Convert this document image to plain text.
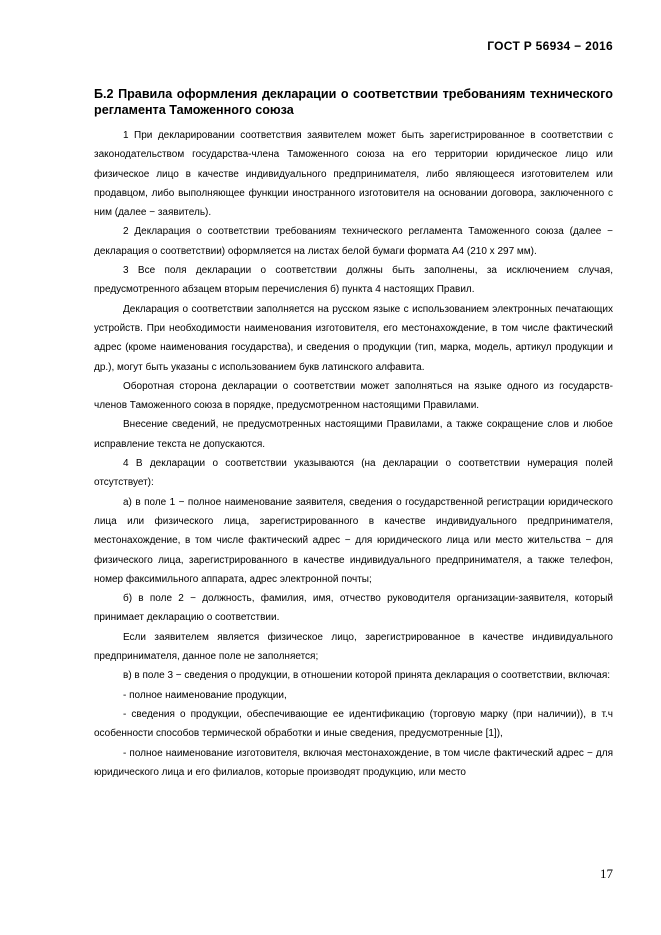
ГОСТ Р 56934 − 2016
Б.2 Правила оформления декларации о соответствии требованиям технического регламента Таможенного союза

1 При декларировании соответствия заявителем может быть зарегистрированное в соответствии с законодательством государства-члена Таможенного союза на его территории юридическое лицо или физическое лицо в качестве индивидуального предпринимателя, либо являющееся изготовителем или продавцом, либо выполняющее функции иностранного изготовителя на основании договора, заключенного с ним (далее − заявитель).

2 Декларация о соответствии требованиям технического регламента Таможенного союза (далее − декларация о соответствии) оформляется на листах белой бумаги формата А4 (210 х 297 мм).

3 Все поля декларации о соответствии должны быть заполнены, за исключением случая, предусмотренного абзацем вторым перечисления б) пункта 4 настоящих Правил.

Декларация о соответствии заполняется на русском языке с использованием электронных печатающих устройств. При необходимости наименования изготовителя, его местонахождение, в том числе фактический адрес (кроме наименования государства), и сведения о продукции (тип, марка, модель, артикул продукции и др.), могут быть указаны с использованием букв латинского алфавита.

Оборотная сторона декларации о соответствии может заполняться на языке одного из государств-членов Таможенного союза в порядке, предусмотренном настоящими Правилами.

Внесение сведений, не предусмотренных настоящими Правилами, а также сокращение слов и любое исправление текста не допускаются.

4 В декларации о соответствии указываются (на декларации о соответствии нумерация полей отсутствует):

а) в поле 1 − полное наименование заявителя, сведения о государственной регистрации юридического лица или физического лица, зарегистрированного в качестве индивидуального предпринимателя, местонахождение, в том числе фактический адрес − для юридического лица или место жительства − для физического лица, зарегистрированного в качестве индивидуального предпринимателя, а также телефон, номер факсимильного аппарата, адрес электронной почты;

б) в поле 2 − должность, фамилия, имя, отчество руководителя организации-заявителя, который принимает декларацию о соответствии.

Если заявителем является физическое лицо, зарегистрированное в качестве индивидуального предпринимателя, данное поле не заполняется;

в) в поле 3 − сведения о продукции, в отношении которой принята декларация о соответствии, включая:

- полное наименование продукции,

- сведения о продукции, обеспечивающие ее идентификацию (торговую марку (при наличии)), в т.ч особенности способов термической обработки и иные сведения, предусмотренные [1]),

- полное наименование изготовителя, включая местонахождение, в том числе фактический адрес − для юридического лица и его филиалов, которые производят продукцию, или место

17
